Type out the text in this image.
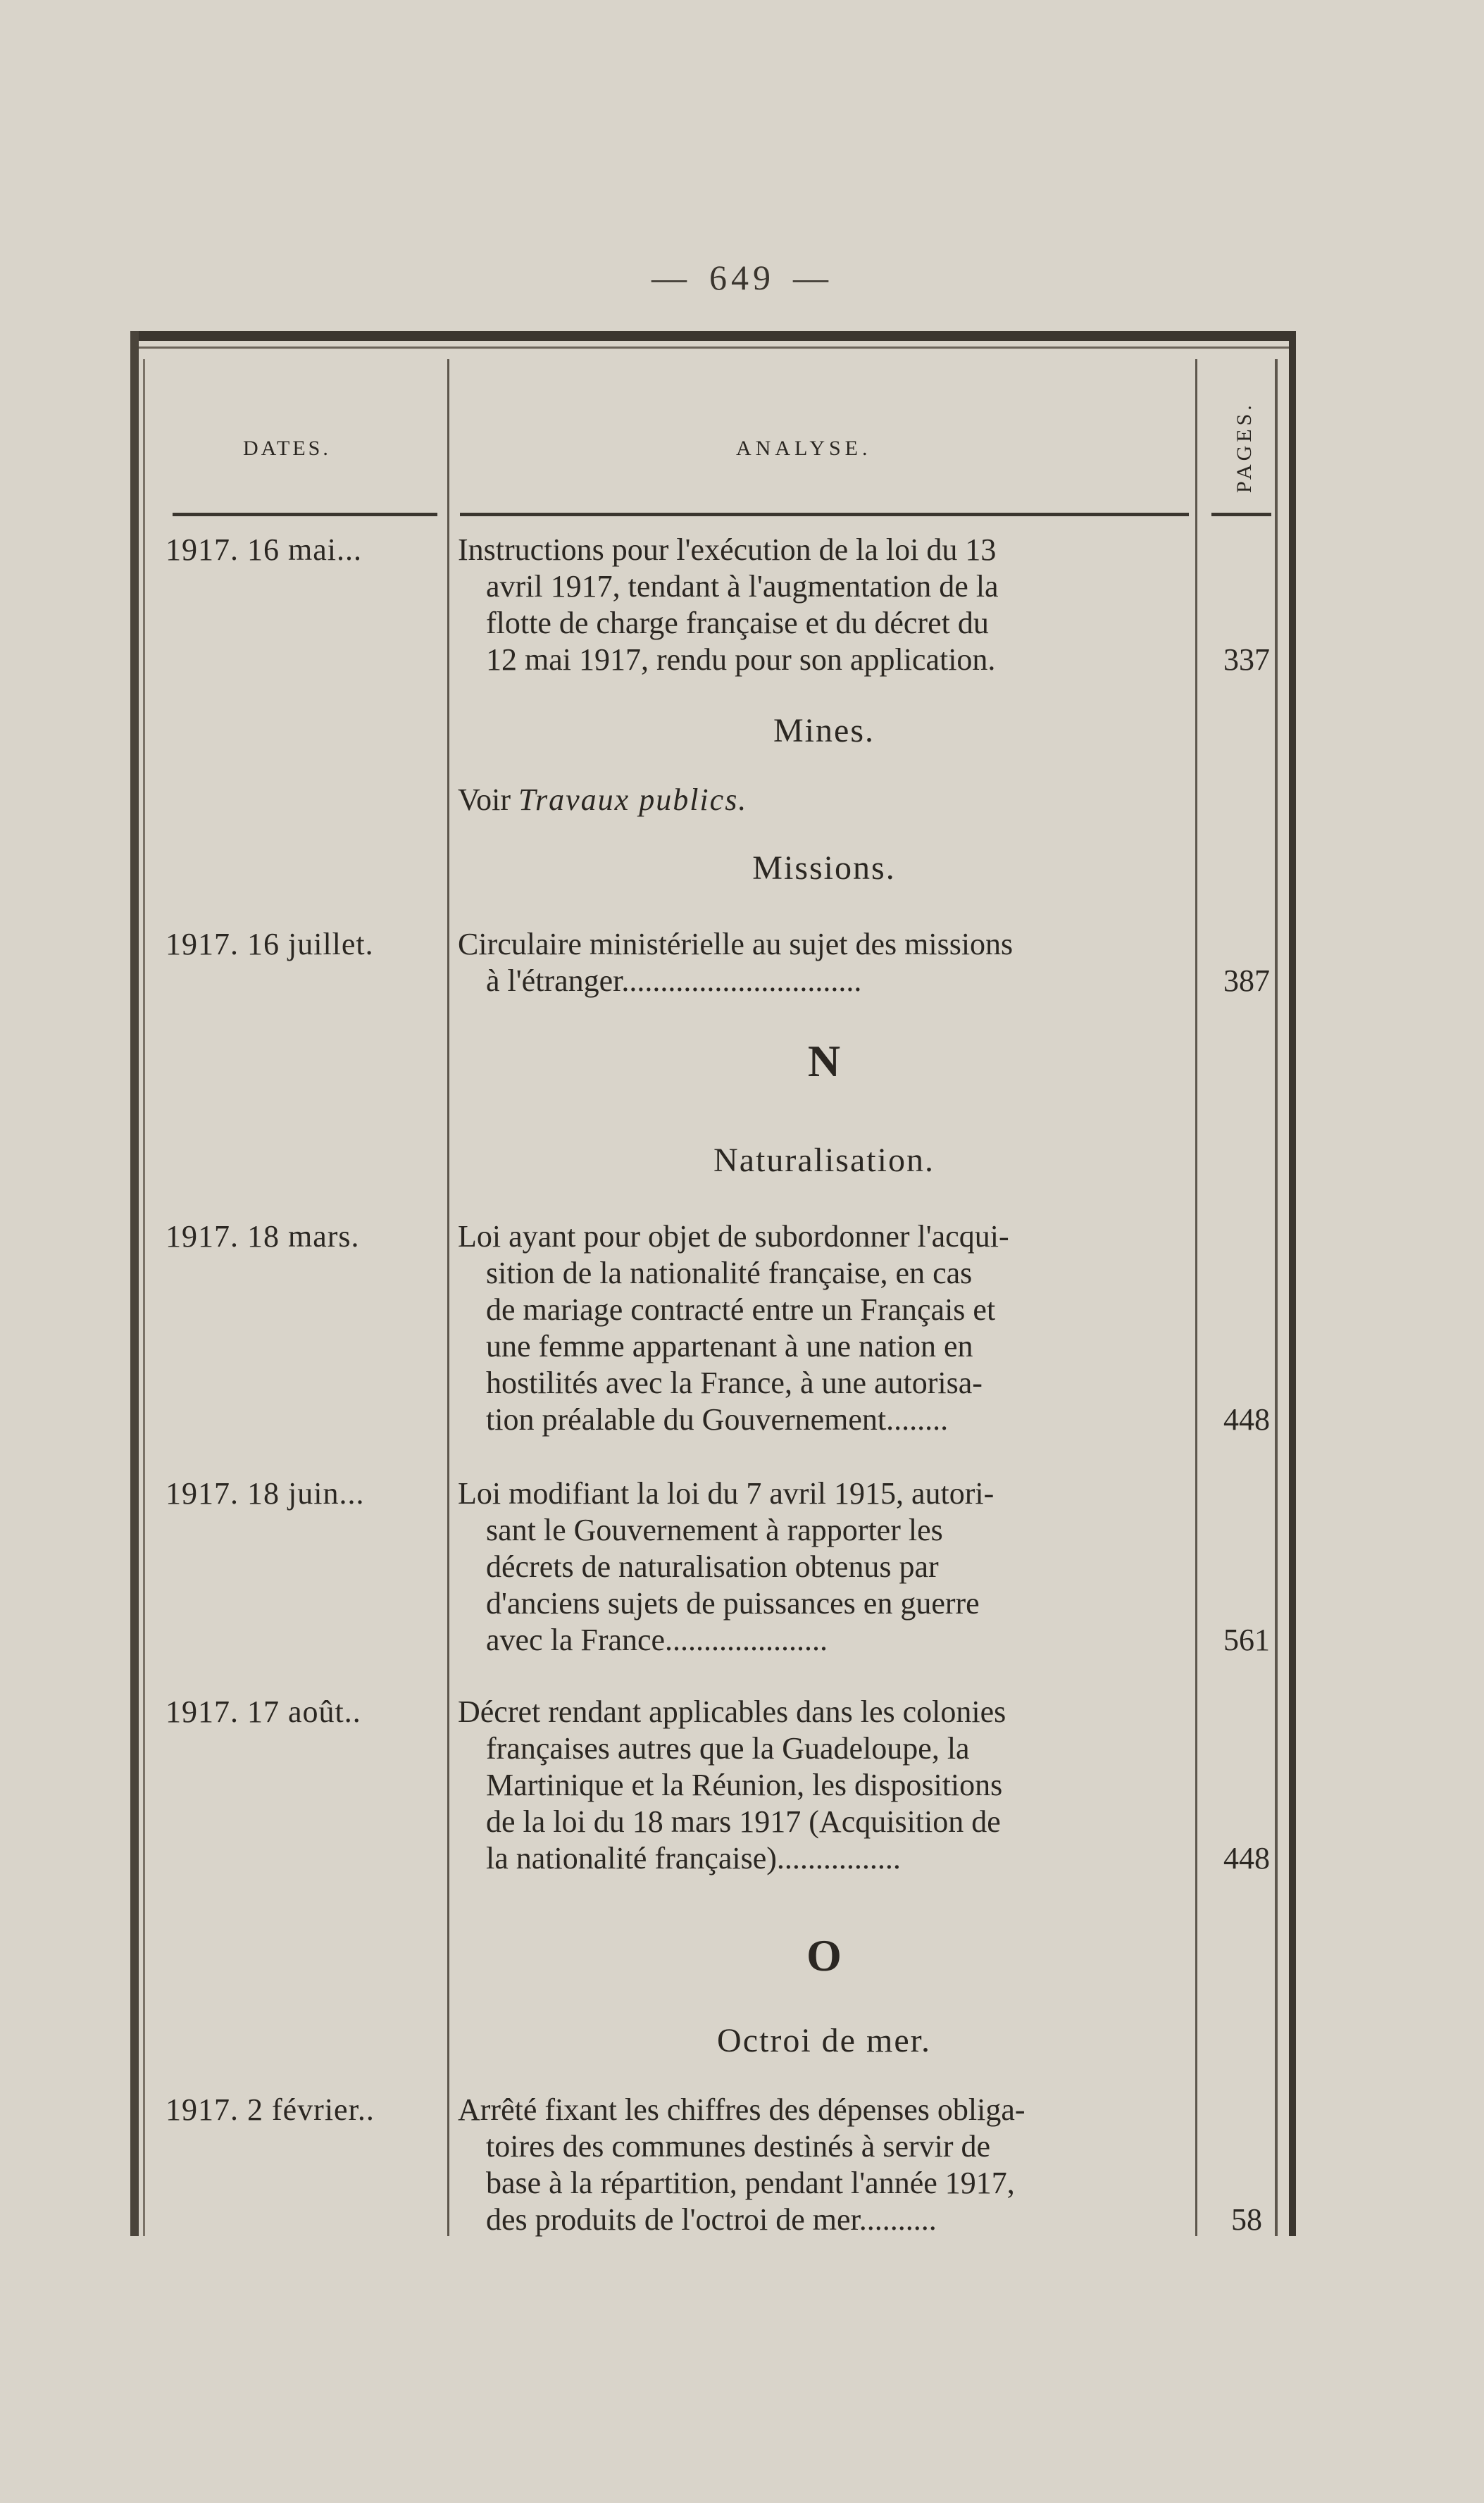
— 649 —
DATES.	ANALYSE.	PAGES.
1917. 16 mai...	Instructions pour l'exécution de la loi du 13
avril 1917, tendant à l'augmentation de la
flotte de charge française et du décret du
12 mai 1917, rendu pour son application.	337
Mines.
Voir Travaux publics.
Missions.
1917. 16 juillet.	Circulaire ministérielle au sujet des missions
à l'étranger...............................	387
N
Naturalisation.
1917. 18 mars.	Loi ayant pour objet de subordonner l'acqui-
sition de la nationalité française, en cas
de mariage contracté entre un Français et
une femme appartenant à une nation en
hostilités avec la France, à une autorisa-
tion préalable du Gouvernement........	448
1917. 18 juin...	Loi modifiant la loi du 7 avril 1915, autori-
sant le Gouvernement à rapporter les
décrets de naturalisation obtenus par
d'anciens sujets de puissances en guerre
avec la France.....................	561
1917. 17 août..	Décret rendant applicables dans les colonies
françaises autres que la Guadeloupe, la
Martinique et la Réunion, les dispositions
de la loi du 18 mars 1917 (Acquisition de
la nationalité française)................	448
O
Octroi de mer.
1917. 2 février..	Arrêté fixant les chiffres des dépenses obliga-
toires des communes destinés à servir de
base à la répartition, pendant l'année 1917,
des produits de l'octroi de mer..........	58
